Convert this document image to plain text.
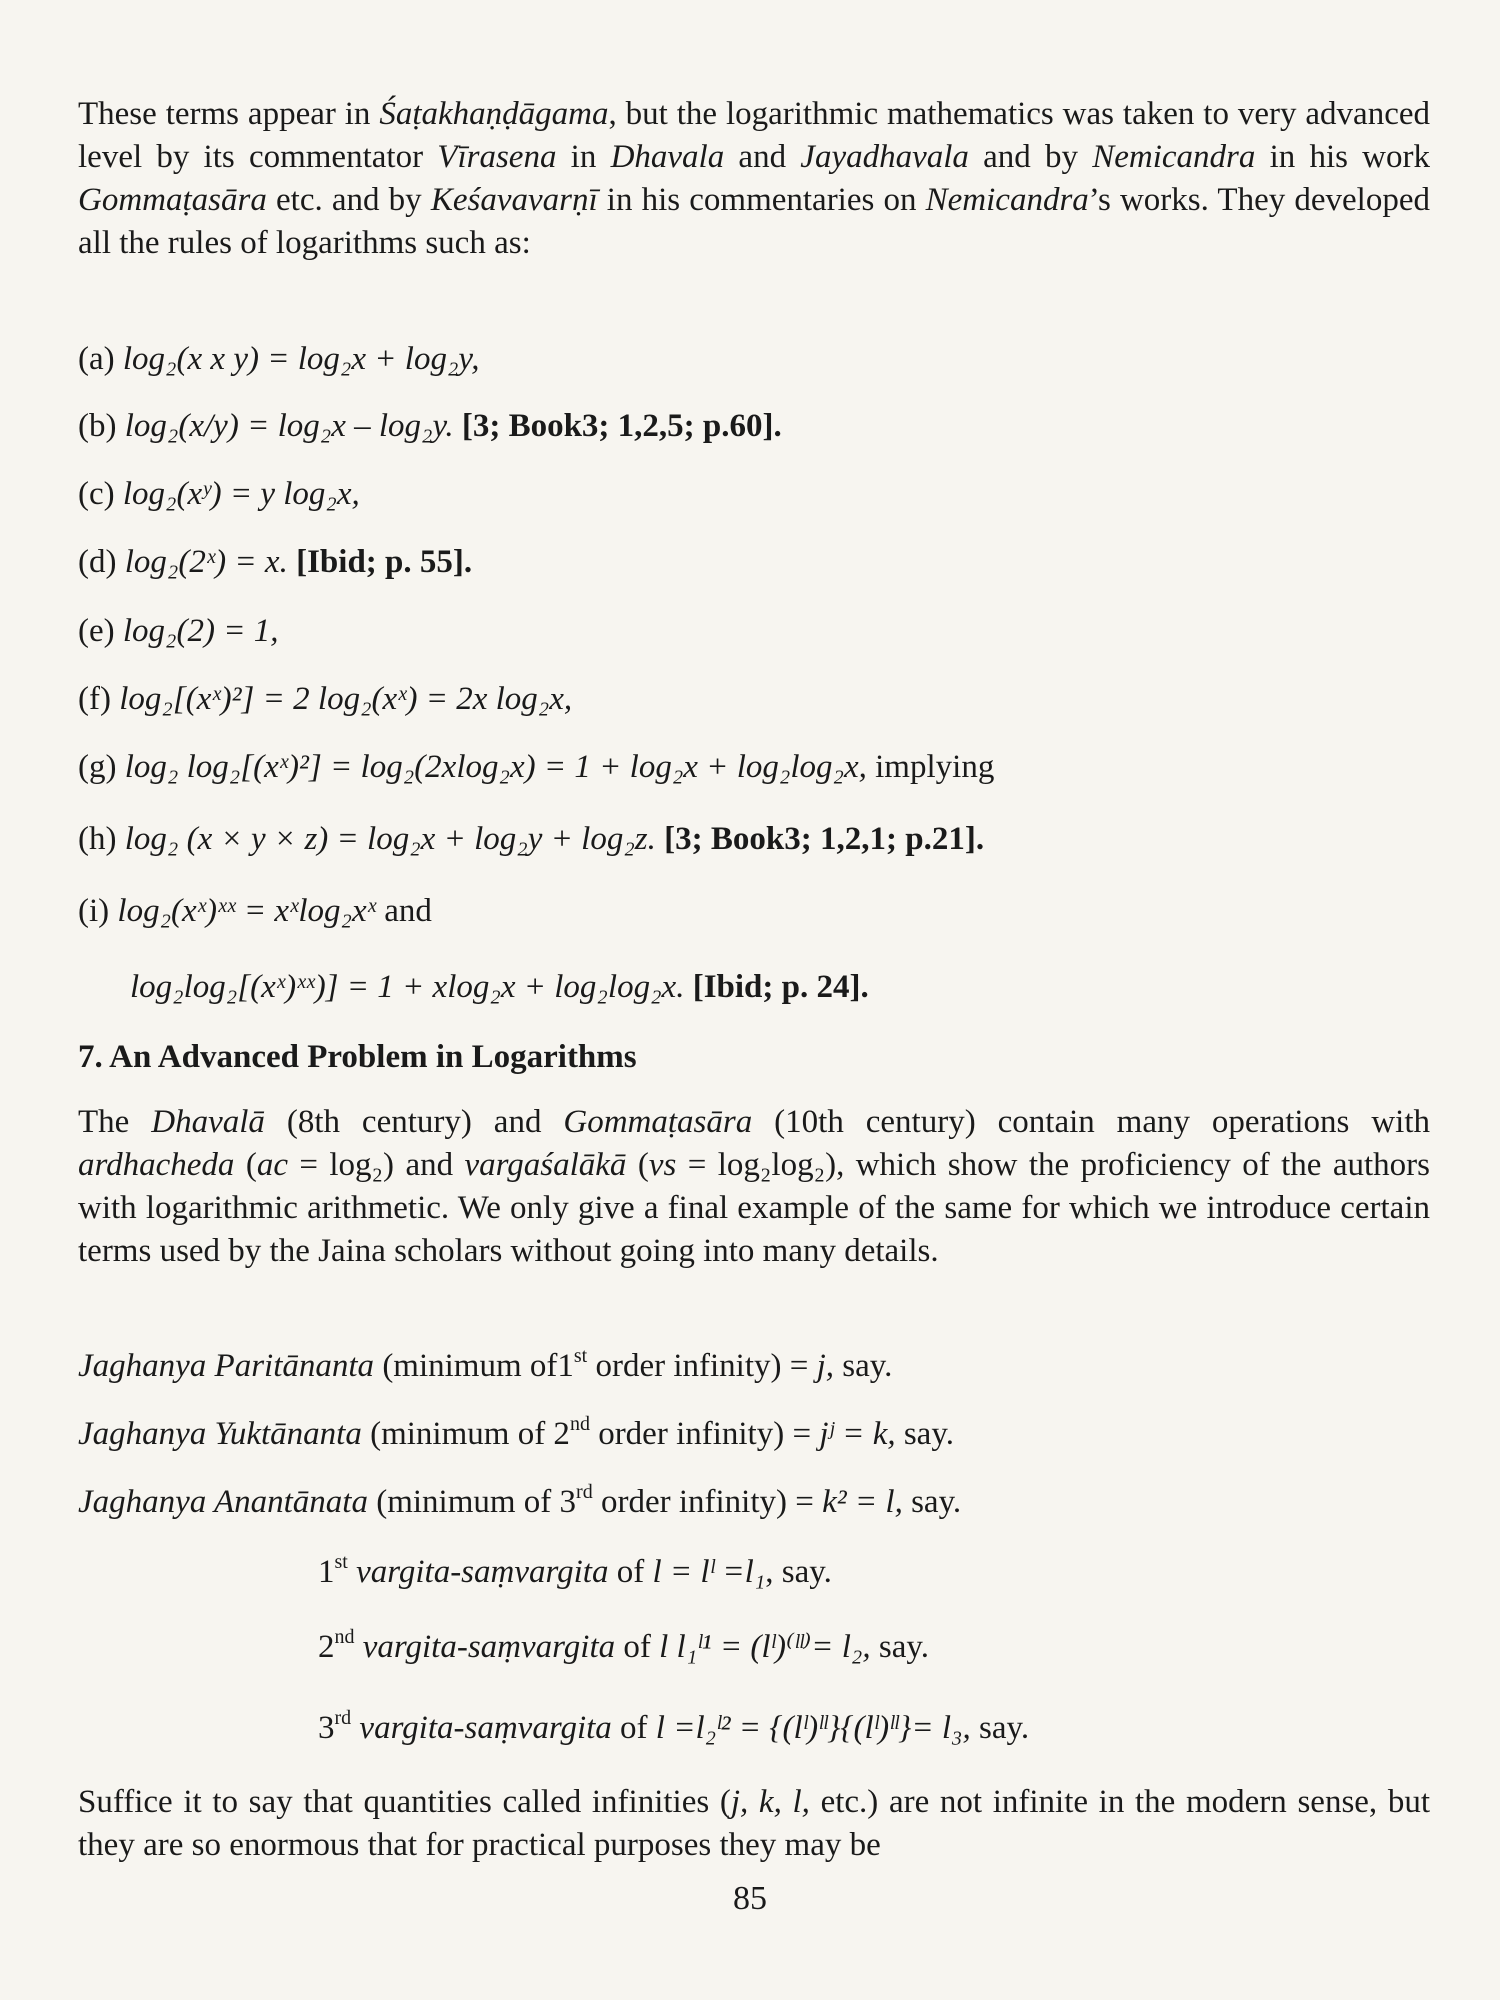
These terms appear in Śaṭakhaṇḍāgama, but the logarithmic mathematics was taken to very advanced level by its commentator Vīrasena in Dhavala and Jayadhavala and by Nemicandra in his work Gommaṭasāra etc. and by Keśavavarṇī in his commentaries on Nemicandra’s works. They developed all the rules of logarithms such as:

(a) log₂(x x y) = log₂x + log₂y,
(b) log₂(x/y) = log₂x – log₂y. [3; Book3; 1,2,5; p.60].
(c) log₂(xʸ) = y log₂x,
(d) log₂(2ˣ) = x. [Ibid; p. 55].
(e) log₂(2) = 1,
(f) log₂[(xˣ)²] = 2 log₂(xˣ) = 2x log₂x,
(g) log₂ log₂[(xˣ)²] = log₂(2xlog₂x) = 1 + log₂x + log₂log₂x, implying
(h) log₂ (x × y × z) = log₂x + log₂y + log₂z. [3; Book3; 1,2,1; p.21].
(i) log₂(xˣ)ˣˣ = xˣlog₂xˣ and
log₂log₂[(xˣ)ˣˣ)] = 1 + xlog₂x + log₂log₂x. [Ibid; p. 24].
7. An Advanced Problem in Logarithms

The Dhavalā (8th century) and Gommaṭasāra (10th century) contain many operations with ardhacheda (ac = log₂) and vargaśalākā (vs = log₂log₂), which show the proficiency of the authors with logarithmic arithmetic. We only give a final example of the same for which we introduce certain terms used by the Jaina scholars without going into many details.

Jaghanya Paritānanta (minimum of1st order infinity) = j, say.
Jaghanya Yuktānanta (minimum of 2nd order infinity) = jʲ = k, say.
Jaghanya Anantānata (minimum of 3rd order infinity) = k² = l, say.
1st vargita-saṃvargita of l = lˡ =l₁, say.
2nd vargita-saṃvargita of l l₁ˡ¹ = (lˡ)⁽ˡˡ⁾= l₂, say.
3rd vargita-saṃvargita of l =l₂ˡ² = {(lˡ)ˡˡ}{(lˡ)ˡˡ}= l₃, say.

Suffice it to say that quantities called infinities (j, k, l, etc.) are not infinite in the modern sense, but they are so enormous that for practical purposes they may be

85
